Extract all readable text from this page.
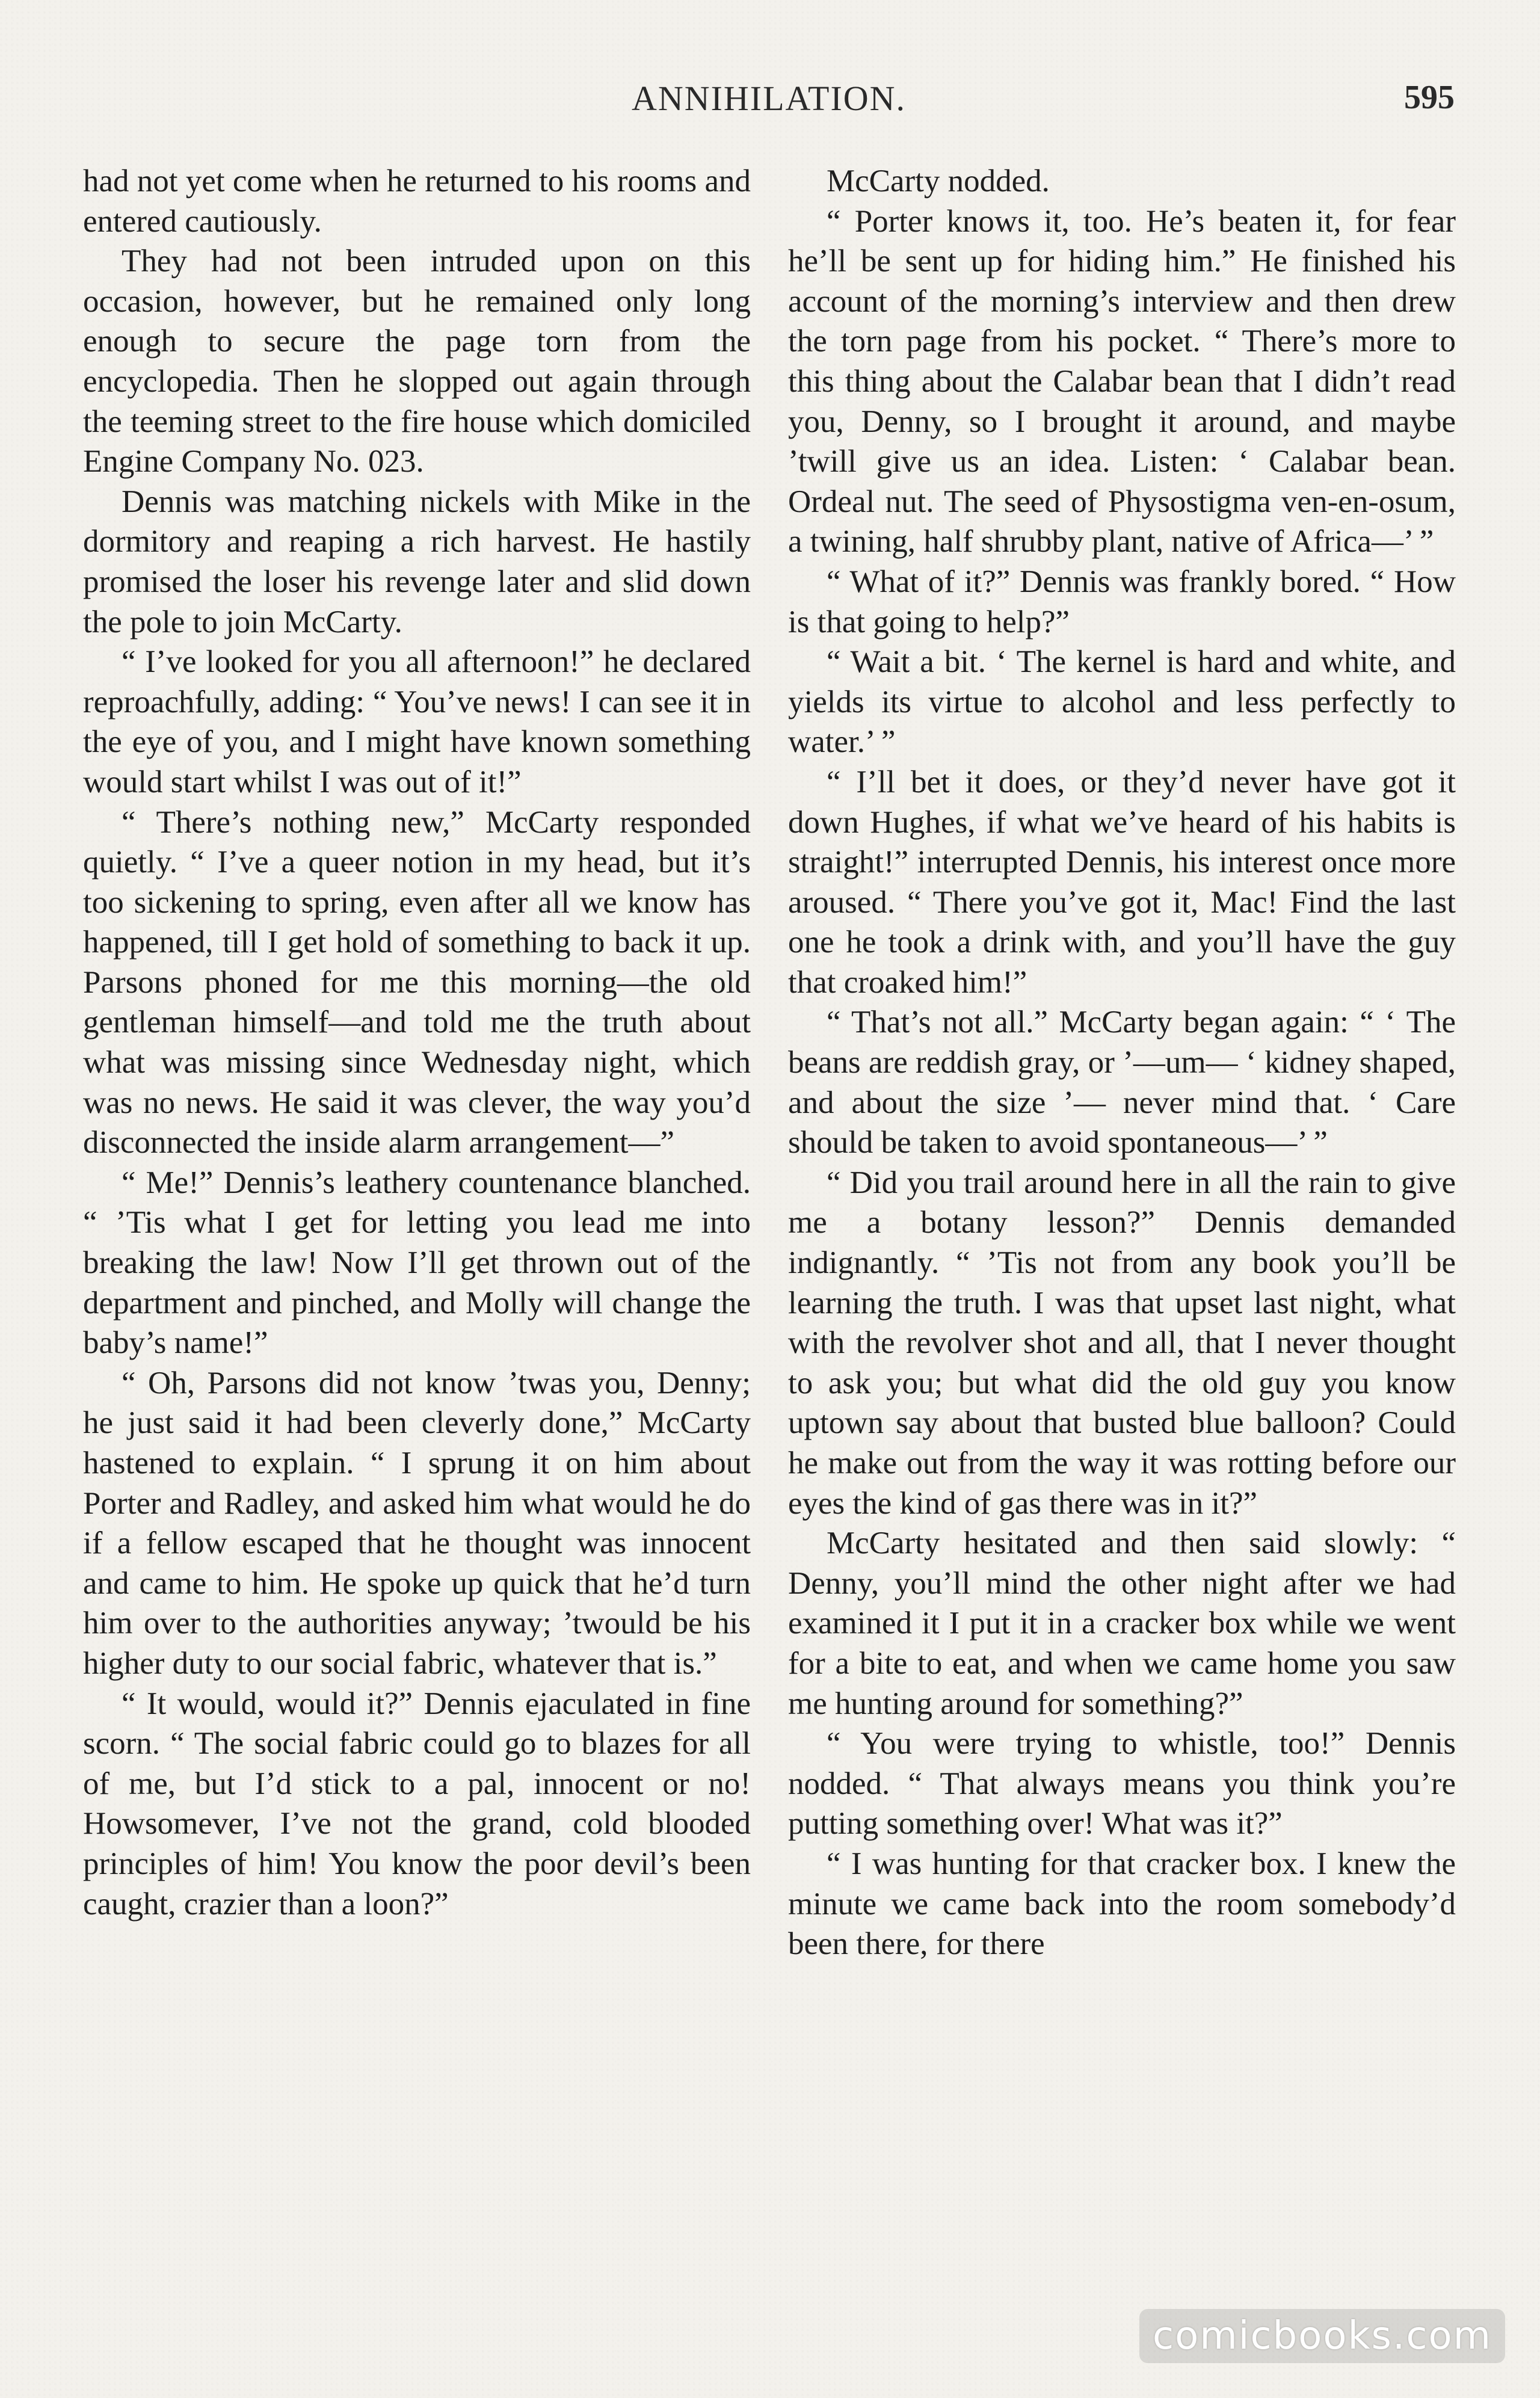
ANNIHILATION.	595

had not yet come when he returned to his rooms and entered cautiously.

They had not been intruded upon on this occasion, however, but he remained only long enough to secure the page torn from the encyclopedia. Then he slopped out again through the teeming street to the fire house which domiciled Engine Company No. 023.

Dennis was matching nickels with Mike in the dormitory and reaping a rich harvest. He hastily promised the loser his revenge later and slid down the pole to join McCarty.

“ I’ve looked for you all afternoon!” he declared reproachfully, adding: “ You’ve news! I can see it in the eye of you, and I might have known something would start whilst I was out of it!”

“ There’s nothing new,” McCarty responded quietly. “ I’ve a queer notion in my head, but it’s too sickening to spring, even after all we know has happened, till I get hold of something to back it up. Parsons phoned for me this morning—the old gentleman himself—and told me the truth about what was missing since Wednesday night, which was no news. He said it was clever, the way you’d disconnected the inside alarm arrangement—”

“ Me!” Dennis’s leathery countenance blanched. “ ’Tis what I get for letting you lead me into breaking the law! Now I’ll get thrown out of the department and pinched, and Molly will change the baby’s name!”

“ Oh, Parsons did not know ’twas you, Denny; he just said it had been cleverly done,” McCarty hastened to explain. “ I sprung it on him about Porter and Radley, and asked him what would he do if a fellow escaped that he thought was innocent and came to him. He spoke up quick that he’d turn him over to the authorities anyway; ’twould be his higher duty to our social fabric, whatever that is.”

“ It would, would it?” Dennis ejaculated in fine scorn. “ The social fabric could go to blazes for all of me, but I’d stick to a pal, innocent or no! Howsomever, I’ve not the grand, cold blooded principles of him! You know the poor devil’s been caught, crazier than a loon?”

McCarty nodded.

“ Porter knows it, too. He’s beaten it, for fear he’ll be sent up for hiding him.” He finished his account of the morning’s interview and then drew the torn page from his pocket. “ There’s more to this thing about the Calabar bean that I didn’t read you, Denny, so I brought it around, and maybe ’twill give us an idea. Listen: ‘ Calabar bean. Ordeal nut. The seed of Physostigma ven-en-osum, a twining, half shrubby plant, native of Africa—’ ”

“ What of it?” Dennis was frankly bored. “ How is that going to help?”

“ Wait a bit. ‘ The kernel is hard and white, and yields its virtue to alcohol and less perfectly to water.’ ”

“ I’ll bet it does, or they’d never have got it down Hughes, if what we’ve heard of his habits is straight!” interrupted Dennis, his interest once more aroused. “ There you’ve got it, Mac! Find the last one he took a drink with, and you’ll have the guy that croaked him!”

“ That’s not all.” McCarty began again: “ ‘ The beans are reddish gray, or ’—um— ‘ kidney shaped, and about the size ’— never mind that. ‘ Care should be taken to avoid spontaneous—’ ”

“ Did you trail around here in all the rain to give me a botany lesson?” Dennis demanded indignantly. “ ’Tis not from any book you’ll be learning the truth. I was that upset last night, what with the revolver shot and all, that I never thought to ask you; but what did the old guy you know uptown say about that busted blue balloon? Could he make out from the way it was rotting before our eyes the kind of gas there was in it?”

McCarty hesitated and then said slowly: “ Denny, you’ll mind the other night after we had examined it I put it in a cracker box while we went for a bite to eat, and when we came home you saw me hunting around for something?”

“ You were trying to whistle, too!” Dennis nodded. “ That always means you think you’re putting something over! What was it?”

“ I was hunting for that cracker box. I knew the minute we came back into the room somebody’d been there, for there

comicbooks.com
